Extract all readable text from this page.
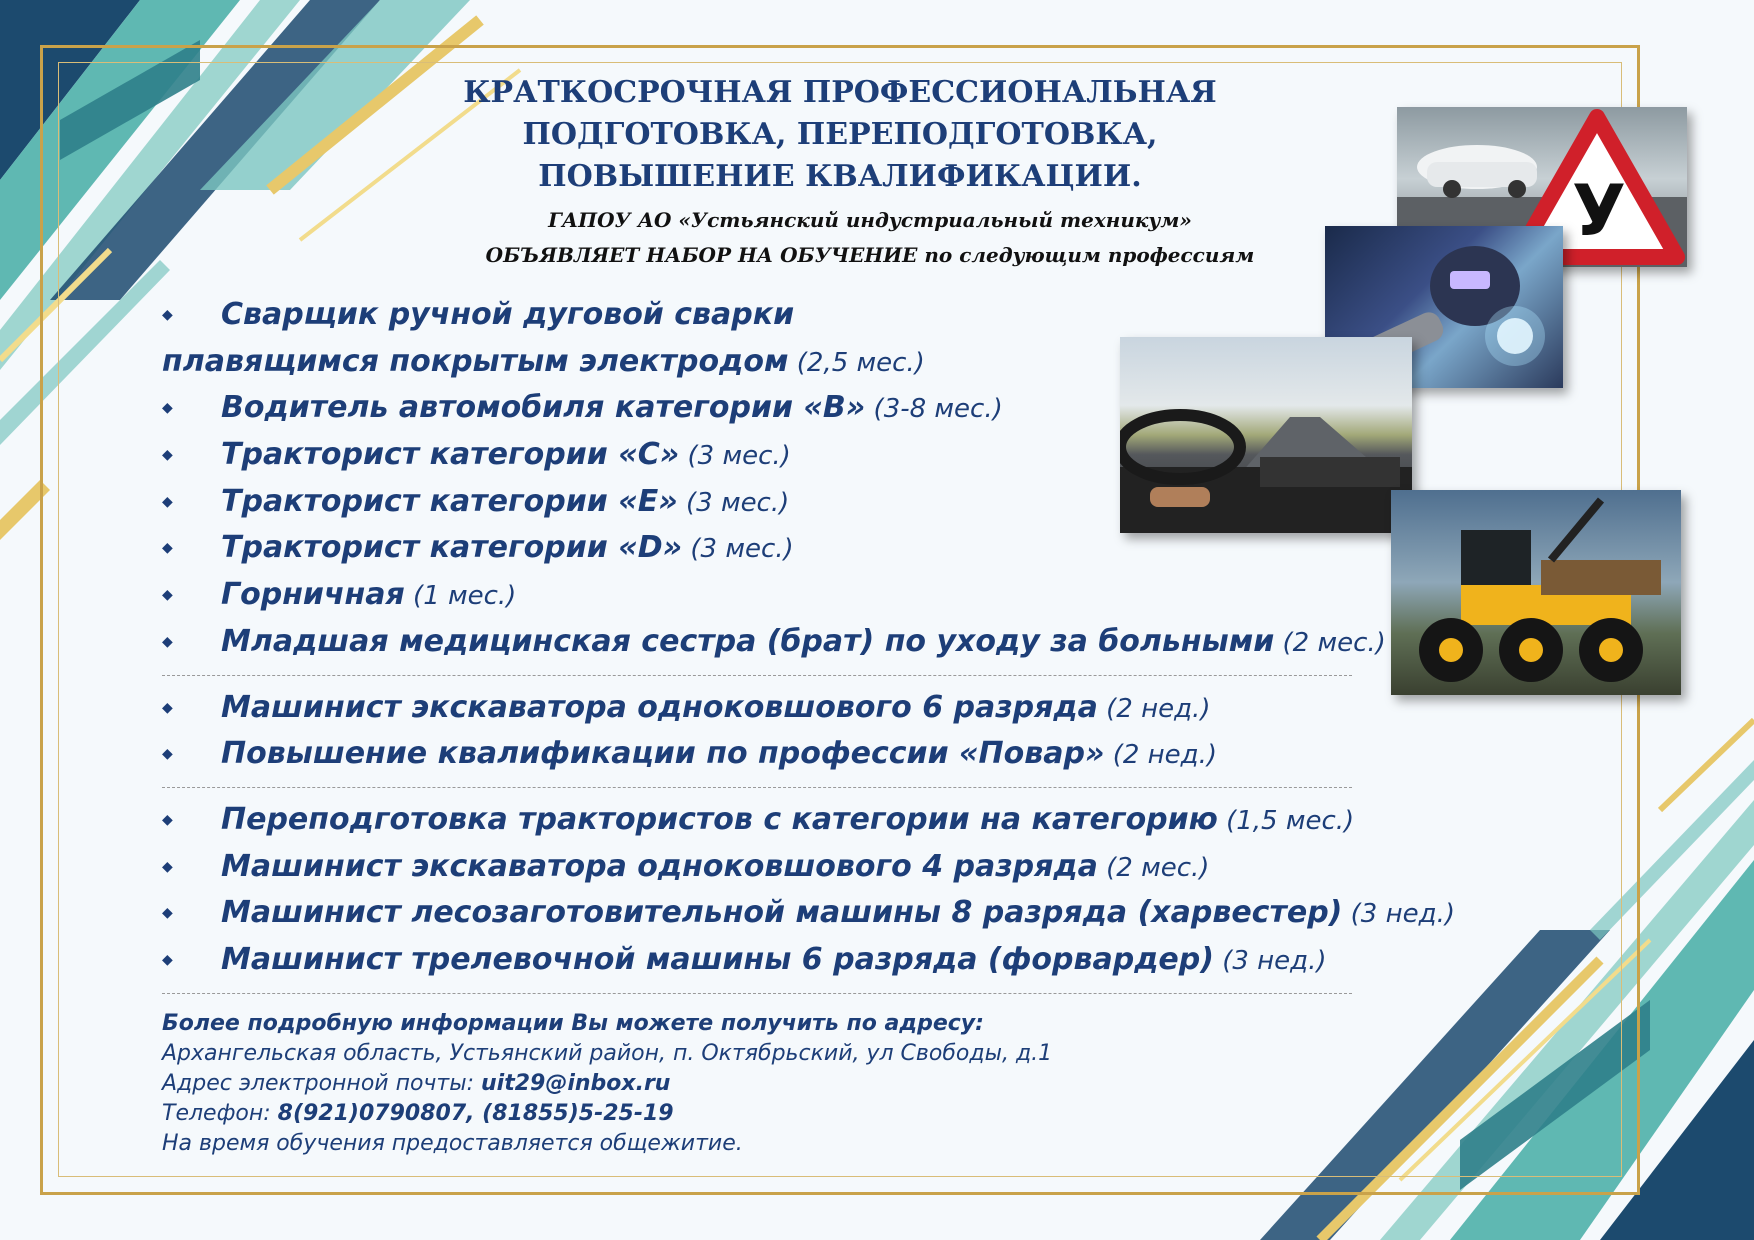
КРАТКОСРОЧНАЯ ПРОФЕССИОНАЛЬНАЯ
ПОДГОТОВКА, ПЕРЕПОДГОТОВКА,
ПОВЫШЕНИЕ КВАЛИФИКАЦИИ.

ГАПОУ АО «Устьянский индустриальный техникум»

ОБЪЯВЛЯЕТ НАБОР НА ОБУЧЕНИЕ по следующим профессиям

У
◆	Сварщик ручной дуговой сварки
плавящимся покрытым электродом (2,5 мес.)
◆	Водитель автомобиля категории «В» (3-8 мес.)
◆	Тракторист категории «С» (3 мес.)
◆	Тракторист категории «Е» (3 мес.)
◆	Тракторист категории «D» (3 мес.)
◆	Горничная (1 мес.)
◆	Младшая медицинская сестра (брат) по уходу за больными (2 мес.)
◆	Машинист экскаватора одноковшового 6 разряда (2 нед.)
◆	Повышение квалификации по профессии «Повар» (2 нед.)
◆	Переподготовка трактористов с категории на категорию (1,5 мес.)
◆	Машинист экскаватора одноковшового 4 разряда (2 мес.)
◆	Машинист лесозаготовительной машины 8 разряда (харвестер) (3 нед.)
◆	Машинист трелевочной машины 6 разряда (форвардер) (3 нед.)
Более подробную информации Вы можете получить по адресу:
Архангельская область, Устьянский район, п. Октябрьский, ул Свободы, д.1
Адрес электронной почты: uit29@inbox.ru
Телефон: 8(921)0790807, (81855)5-25-19
На время обучения предоставляется общежитие.
